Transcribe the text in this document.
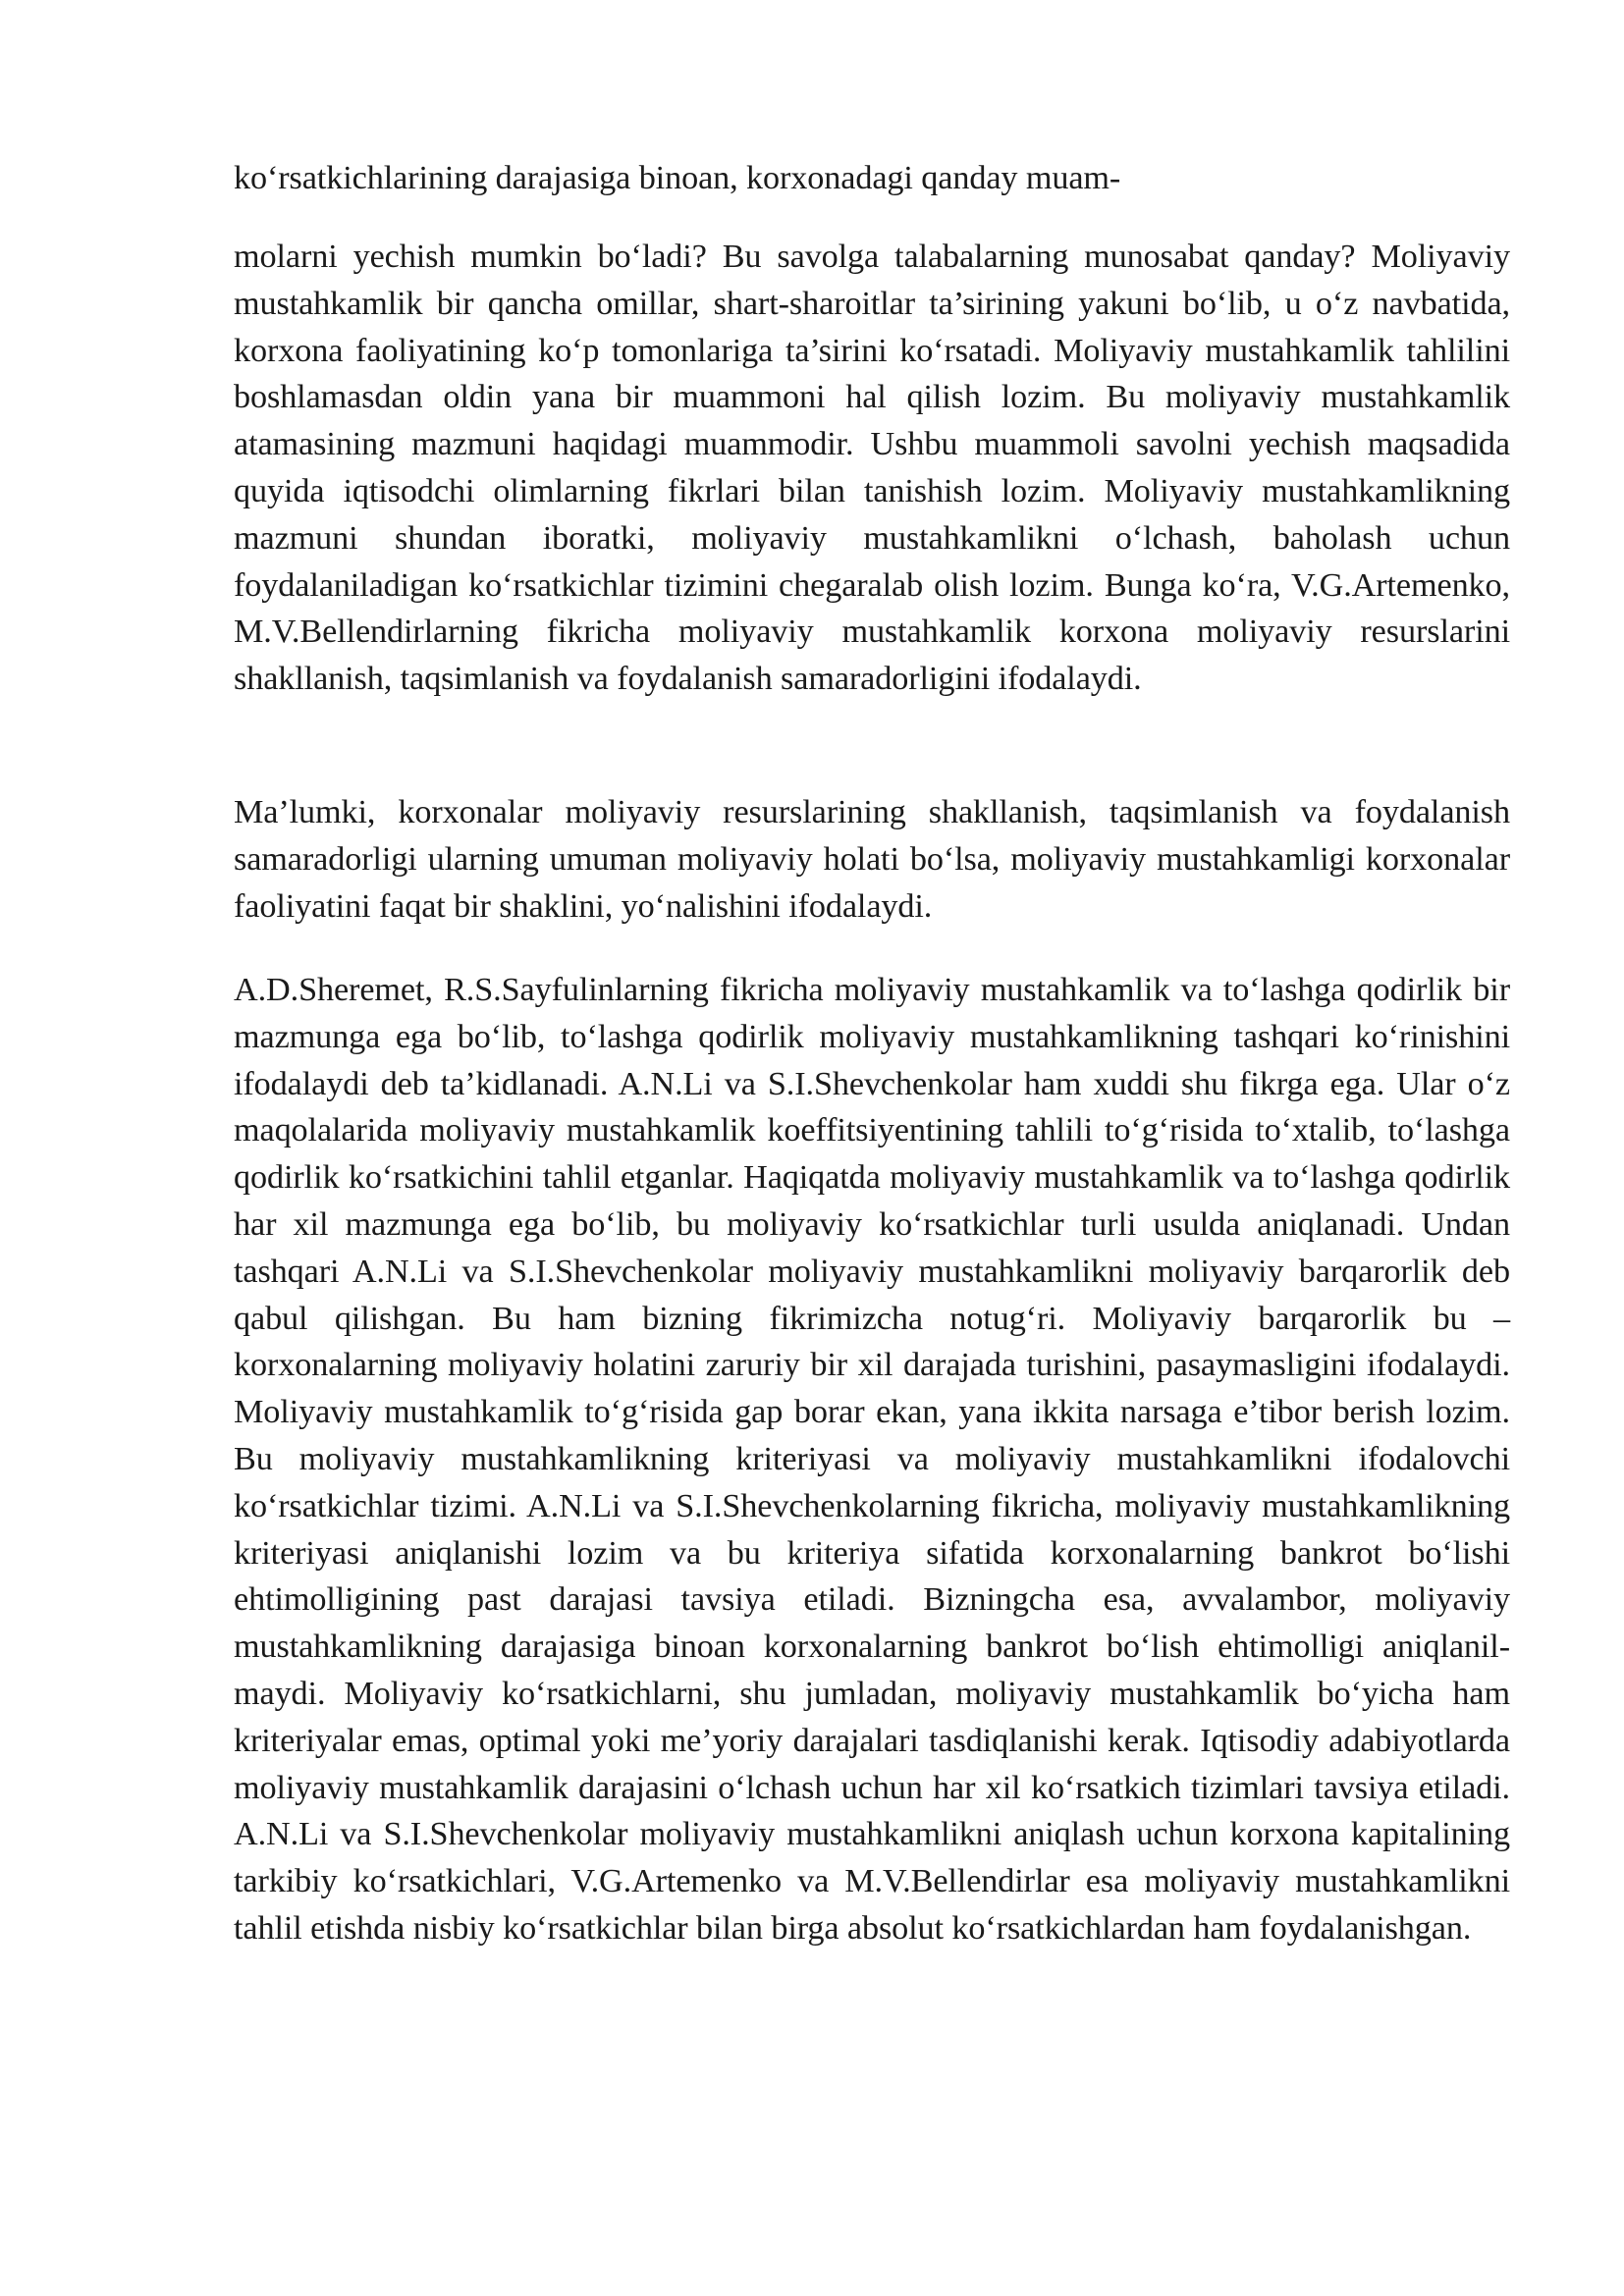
ko‘rsatkichlarining darajasiga binoan, korxonadagi qanday muam-

molarni yechish mumkin bo‘ladi? Bu savolga talabalarning munosabat qanday? Moliyaviy mustahkamlik bir qancha omillar, shart-sharoitlar ta’sirining yakuni bo‘lib, u o‘z navbatida, korxona faoliyatining ko‘p tomonlariga ta’sirini ko‘rsatadi. Moliyaviy mustahkamlik tahlilini boshlamasdan oldin yana bir muammoni hal qilish lozim. Bu moliyaviy mustahkamlik atamasining mazmuni haqidagi muammodir. Ushbu muammoli savolni yechish maqsadida quyida iqtisodchi olimlarning fikrlari bilan tanishish lozim. Moliyaviy mustahkamlikning mazmuni shundan iboratki, moliyaviy mustahkamlikni o‘lchash, baholash uchun foydalaniladigan ko‘rsatkichlar tizimini chegaralab olish lozim. Bunga ko‘ra, V.G.Artemenko, M.V.Bellendirlarning fikricha moliyaviy mustahkamlik korxona moliyaviy resurslarini shakllanish, taqsimlanish va foydalanish samaradorligini ifodalaydi.

Ma’lumki, korxonalar moliyaviy resurslarining shakllanish, taqsimlanish va foydalanish samaradorligi ularning umuman moliyaviy holati bo‘lsa, moliyaviy mustahkamligi korxonalar faoliyatini faqat bir shaklini, yo‘nalishini ifodalaydi.

A.D.Sheremet, R.S.Sayfulinlarning fikricha moliyaviy mustahkamlik va to‘lashga qodirlik bir mazmunga ega bo‘lib, to‘lashga qodirlik moliyaviy mustahkamlikning tashqari ko‘rinishini ifodalaydi deb ta’kidlanadi. A.N.Li va S.I.Shevchenkolar ham xuddi shu fikrga ega. Ular o‘z maqolalarida moliyaviy mustahkamlik koeffitsiyentining tahlili to‘g‘risida to‘xtalib, to‘lashga qodirlik ko‘rsatkichini tahlil etganlar. Haqiqatda moliyaviy mustahkamlik va to‘lashga qodirlik har xil mazmunga ega bo‘lib, bu moliyaviy ko‘rsatkichlar turli usulda aniqlanadi. Undan tashqari A.N.Li va S.I.Shevchenkolar moliyaviy mustahkamlikni moliyaviy barqarorlik deb qabul qilishgan. Bu ham bizning fikrimizcha notug‘ri. Moliyaviy barqarorlik bu – korxonalarning moliyaviy holatini zaruriy bir xil darajada turishini, pasaymasligini ifodalaydi. Moliyaviy mustahkamlik to‘g‘risida gap borar ekan, yana ikkita narsaga e’tibor berish lozim. Bu moliyaviy mustahkamlikning kriteriyasi va moliyaviy mustahkamlikni ifodalovchi ko‘rsatkichlar tizimi. A.N.Li va S.I.Shevchenkolarning fikricha, moliyaviy mustahkamlikning kriteriyasi aniqlanishi lozim va bu kriteriya sifatida korxonalarning bankrot bo‘lishi ehtimolligining past darajasi tavsiya etiladi. Bizningcha esa, avvalambor, moliyaviy mustahkamlikning darajasiga binoan korxonalarning bankrot bo‘lish ehtimolligi aniqlanil-maydi. Moliyaviy ko‘rsatkichlarni, shu jumladan, moliyaviy mustahkamlik bo‘yicha ham kriteriyalar emas, optimal yoki me’yoriy darajalari tasdiqlanishi kerak. Iqtisodiy adabiyotlarda moliyaviy mustahkamlik darajasini o‘lchash uchun har xil ko‘rsatkich tizimlari tavsiya etiladi. A.N.Li va S.I.Shevchenkolar moliyaviy mustahkamlikni aniqlash uchun korxona kapitalining tarkibiy ko‘rsatkichlari, V.G.Artemenko va M.V.Bellendirlar esa moliyaviy mustahkamlikni tahlil etishda nisbiy ko‘rsatkichlar bilan birga absolut ko‘rsatkichlardan ham foydalanishgan.
